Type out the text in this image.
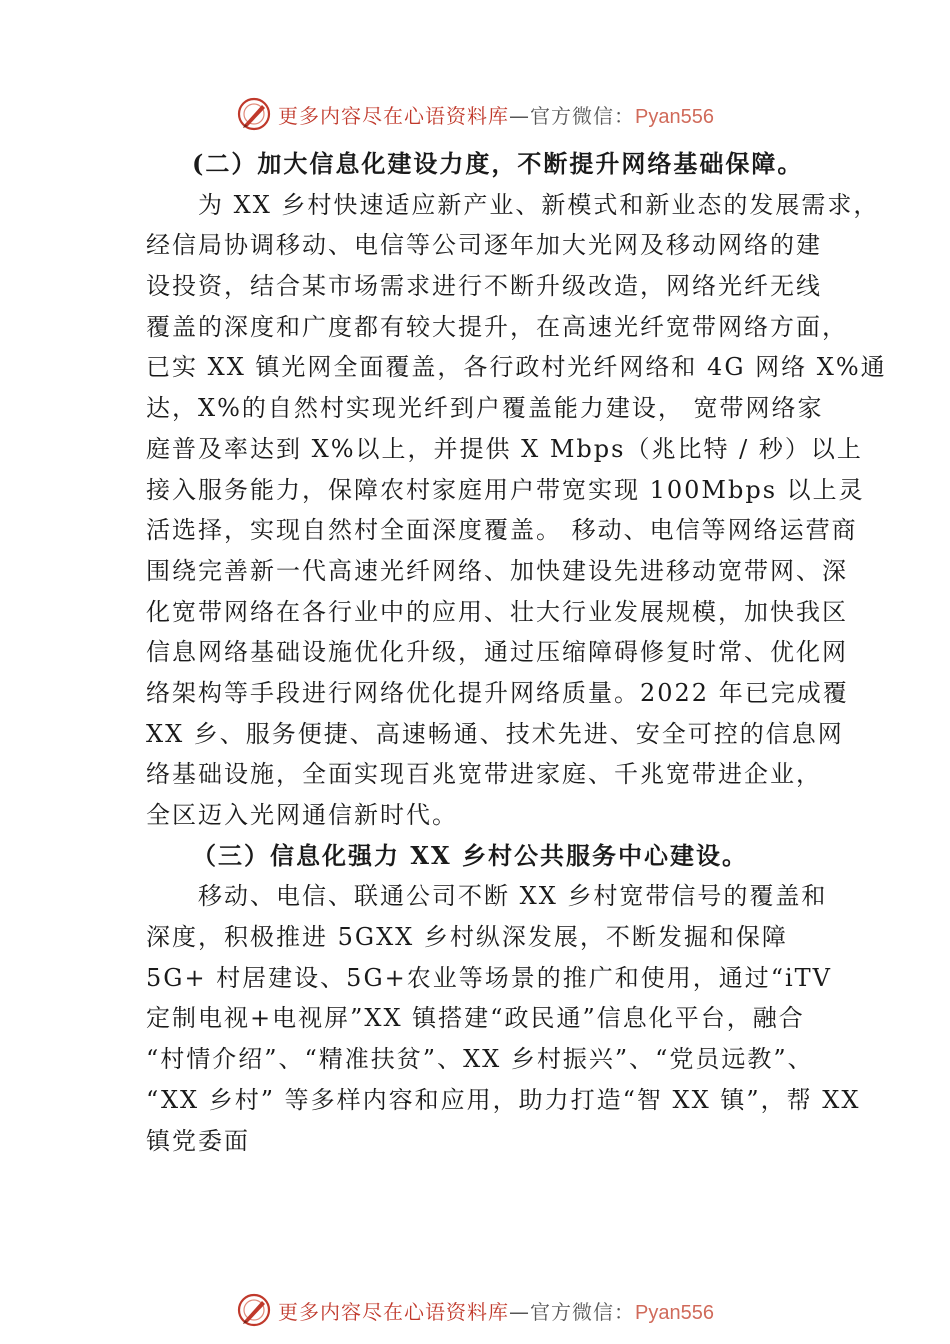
更多内容尽在心语资料库—官方微信：Pyan556
(二）加大信息化建设力度，不断提升网络基础保障。
为 XX 乡村快速适应新产业、新模式和新业态的发展需求，
经信局协调移动、电信等公司逐年加大光网及移动网络的建
设投资，结合某市场需求进行不断升级改造，网络光纤无线
覆盖的深度和广度都有较大提升，在高速光纤宽带网络方面，
已实 XX 镇光网全面覆盖，各行政村光纤网络和 4G 网络 X%通
达，X%的自然村实现光纤到户覆盖能力建设， 宽带网络家
庭普及率达到 X%以上，并提供 X Mbps（兆比特 / 秒）以上
接入服务能力，保障农村家庭用户带宽实现 100Mbps 以上灵
活选择，实现自然村全面深度覆盖。 移动、电信等网络运营商
围绕完善新一代高速光纤网络、加快建设先进移动宽带网、深
化宽带网络在各行业中的应用、壮大行业发展规模，加快我区
信息网络基础设施优化升级，通过压缩障碍修复时常、优化网
络架构等手段进行网络优化提升网络质量。2022 年已完成覆
XX 乡、服务便捷、高速畅通、技术先进、安全可控的信息网
络基础设施，全面实现百兆宽带进家庭、千兆宽带进企业，
全区迈入光网通信新时代。
（三）信息化强力 XX 乡村公共服务中心建设。
移动、电信、联通公司不断 XX 乡村宽带信号的覆盖和
深度，积极推进 5GXX 乡村纵深发展，不断发掘和保障
5G+ 村居建设、5G+农业等场景的推广和使用，通过“iTV
定制电视+电视屏”XX 镇搭建“政民通”信息化平台，融合
“村情介绍”、“精准扶贫”、XX 乡村振兴”、“党员远教”、
“XX 乡村” 等多样内容和应用，助力打造“智 XX 镇”，帮 XX
镇党委面
更多内容尽在心语资料库—官方微信：Pyan556
